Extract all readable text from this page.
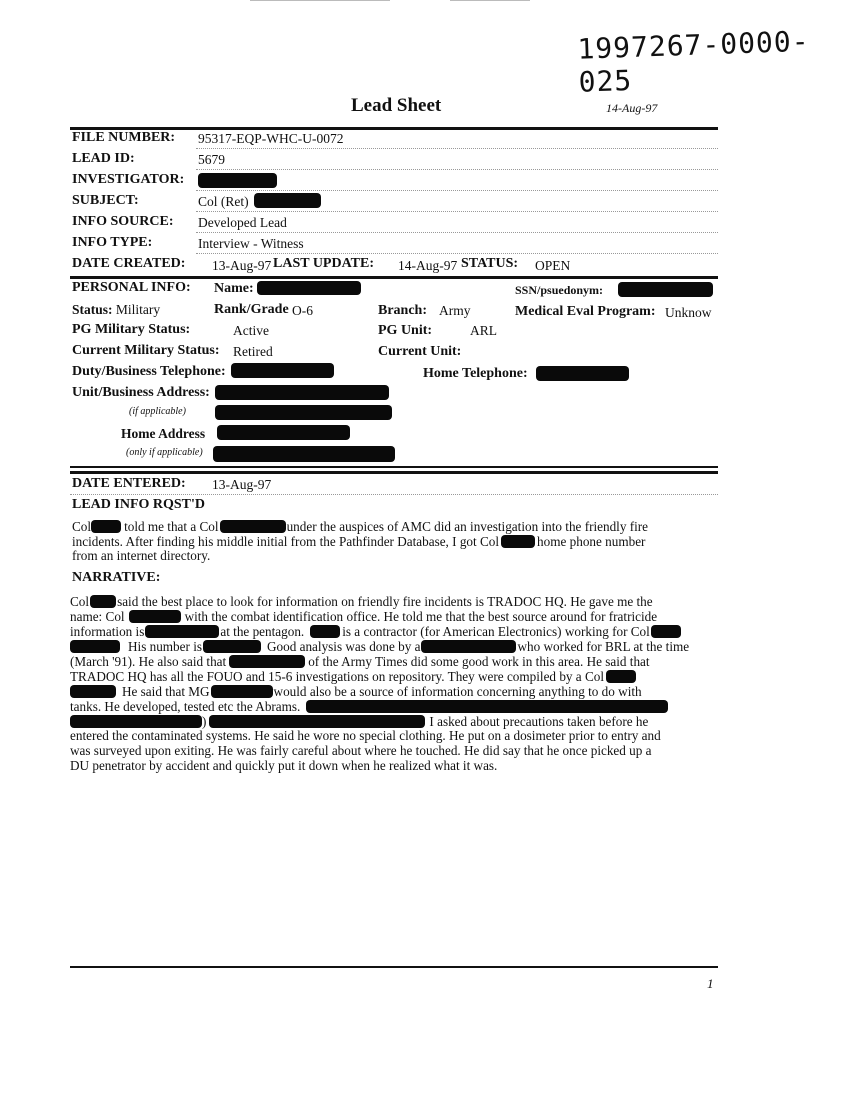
1997267-0000-025
Lead Sheet	14-Aug-97
FILE NUMBER: 95317-EQP-WHC-U-0072
LEAD ID:	5679
INVESTIGATOR:
SUBJECT:	Col (Ret)
INFO SOURCE: Developed Lead
INFO TYPE:	Interview - Witness
DATE CREATED: 13-Aug-97 LAST UPDATE: 14-Aug-97 STATUS: OPEN
PERSONAL INFO: Name:	SSN/psuedonym:
Status: Military	Rank/Grade O-6	Branch: Army	Medical Eval Program: Unknow
PG Military Status:	Active	PG Unit:	ARL
Current Military Status: Retired	Current Unit:
Duty/Business Telephone:	Home Telephone:
Unit/Business Address:
(if applicable)
Home Address
(only if applicable)
DATE ENTERED: 13-Aug-97
LEAD INFO RQST'D
Col	told me that a Col	under the auspices of AMC did an investigation into the friendly fire
incidents. After finding his middle initial from the Pathfinder Database, I got Col	home phone number
from an internet directory.
NARRATIVE:
Col said the best place to look for information on friendly fire incidents is TRADOC HQ. He gave me the
name: Col	with the combat identification office. He told me that the best source around for fratricide
information is	at the pentagon.	is a contractor (for American Electronics) working for Col
His number is	Good analysis was done by a	who worked for BRL at the time
(March '91). He also said that	of the Army Times did some good work in this area. He said that
TRADOC HQ has all the FOUO and 15-6 investigations on repository. They were compiled by a Col
He said that MG	would also be a source of information concerning anything to do with
tanks. He developed, tested etc the Abrams.
)	I asked about precautions taken before he
entered the contaminated systems. He said he wore no special clothing. He put on a dosimeter prior to entry and
was surveyed upon exiting. He was fairly careful about where he touched. He did say that he once picked up a
DU penetrator by accident and quickly put it down when he realized what it was.
1
